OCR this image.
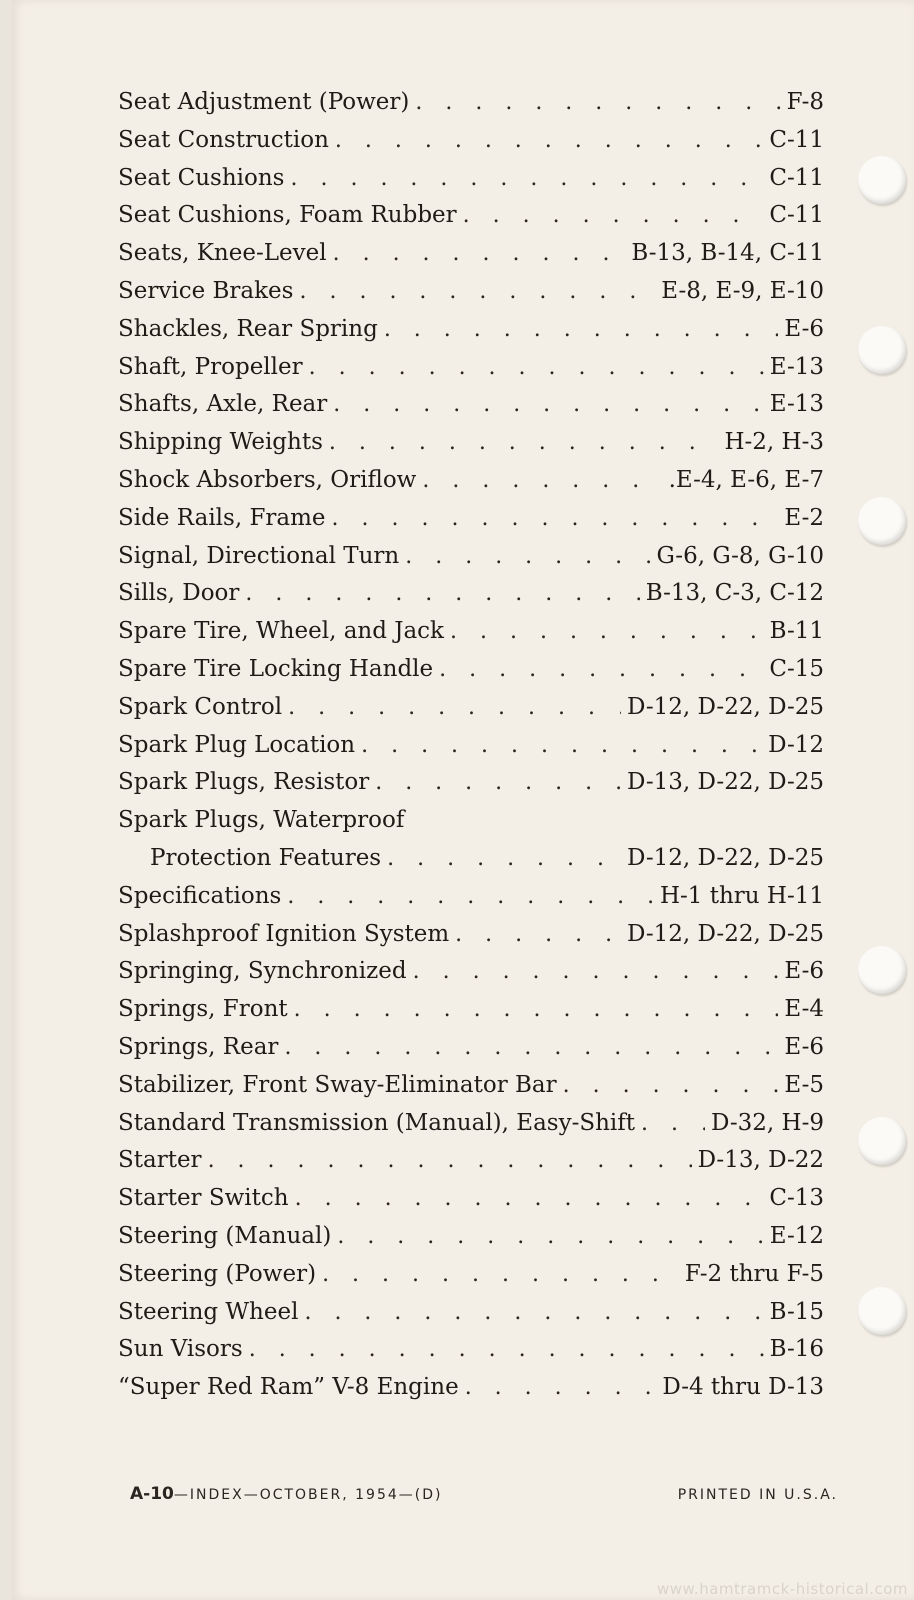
Seat Adjustment (Power) . . .	F-8
Seat Construction . . .	C-11
Seat Cushions . . .	C-11
Seat Cushions, Foam Rubber . . .	C-11
Seats, Knee-Level . . .	B-13, B-14, C-11
Service Brakes . . .	E-8, E-9, E-10
Shackles, Rear Spring . . .	E-6
Shaft, Propeller . . .	E-13
Shafts, Axle, Rear . . .	E-13
Shipping Weights . . .	H-2, H-3
Shock Absorbers, Oriflow . . .	.E-4, E-6, E-7
Side Rails, Frame . . .	E-2
Signal, Directional Turn . . .	G-6, G-8, G-10
Sills, Door . . .	B-13, C-3, C-12
Spare Tire, Wheel, and Jack . . .	B-11
Spare Tire Locking Handle . . .	C-15
Spark Control . . .	D-12, D-22, D-25
Spark Plug Location . . .	D-12
Spark Plugs, Resistor . . .	D-13, D-22, D-25
Spark Plugs, Waterproof
Protection Features . . .	D-12, D-22, D-25
Specifications . . .	H-1 thru H-11
Splashproof Ignition System . . .	D-12, D-22, D-25
Springing, Synchronized . . .	E-6
Springs, Front . . .	E-4
Springs, Rear . . .	E-6
Stabilizer, Front Sway-Eliminator Bar . . .	E-5
Standard Transmission (Manual), Easy-Shift . . .	D-32, H-9
Starter . . .	D-13, D-22
Starter Switch . . .	C-13
Steering (Manual) . . .	E-12
Steering (Power) . . .	F-2 thru F-5
Steering Wheel . . .	B-15
Sun Visors . . .	B-16
“Super Red Ram” V-8 Engine . . .	D-4 thru D-13
A-10—INDEX—OCTOBER, 1954—(D)	PRINTED IN U.S.A.
www.hamtramck-historical.com
